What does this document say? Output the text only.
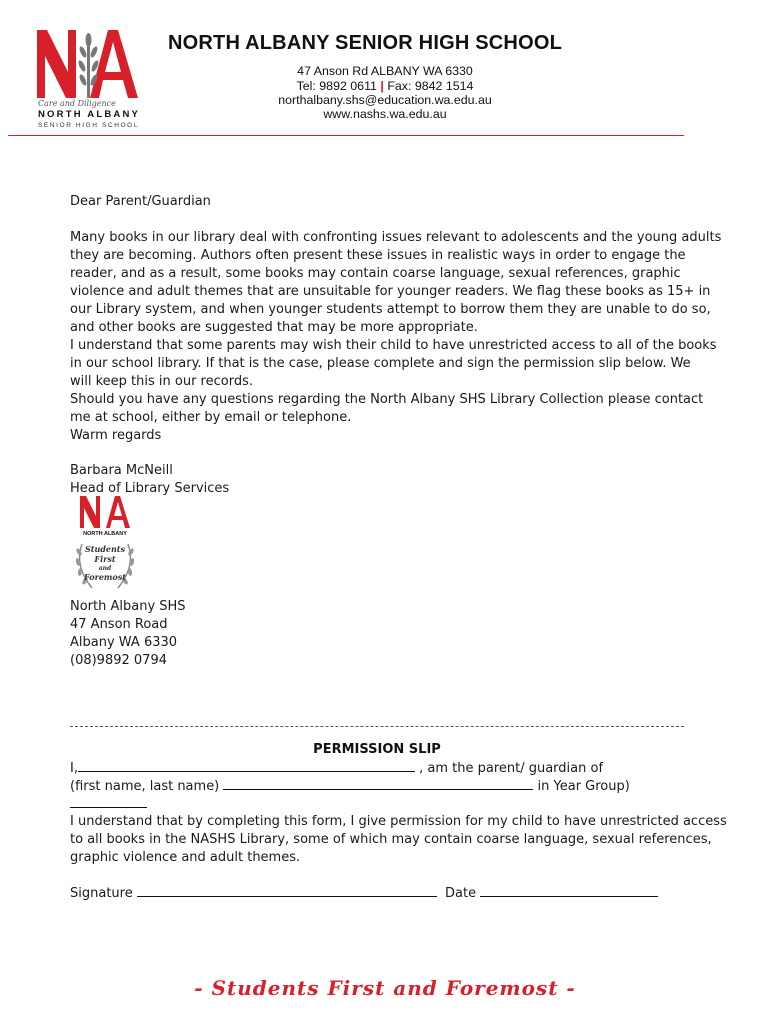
Care and Diligence
NORTH ALBANY
SENIOR HIGH SCHOOL
NORTH ALBANY SENIOR HIGH SCHOOL
47 Anson Rd ALBANY WA 6330
Tel: 9892 0611 | Fax: 9842 1514
northalbany.shs@education.wa.edu.au
www.nashs.wa.edu.au
Dear Parent/Guardian
Many books in our library deal with confronting issues relevant to adolescents and the young adults
they are becoming. Authors often present these issues in realistic ways in order to engage the
reader, and as a result, some books may contain coarse language, sexual references, graphic
violence and adult themes that are unsuitable for younger readers. We flag these books as 15+ in
our Library system, and when younger students attempt to borrow them they are unable to do so,
and other books are suggested that may be more appropriate.
I understand that some parents may wish their child to have unrestricted access to all of the books
in our school library. If that is the case, please complete and sign the permission slip below. We
will keep this in our records.
Should you have any questions regarding the North Albany SHS Library Collection please contact
me at school, either by email or telephone.
Warm regards
Barbara McNeill
Head of Library Services
NORTH ALBANY
Students
First
and
Foremost
North Albany SHS
47 Anson Road
Albany WA 6330
(08)9892 0794
PERMISSION SLIP
I,	, am the parent/ guardian of
(first name, last name)	in Year Group)
I understand that by completing this form, I give permission for my child to have unrestricted access
to all books in the NASHS Library, some of which may contain coarse language, sexual references,
graphic violence and adult themes.
Signature	Date
- Students First and Foremost -
